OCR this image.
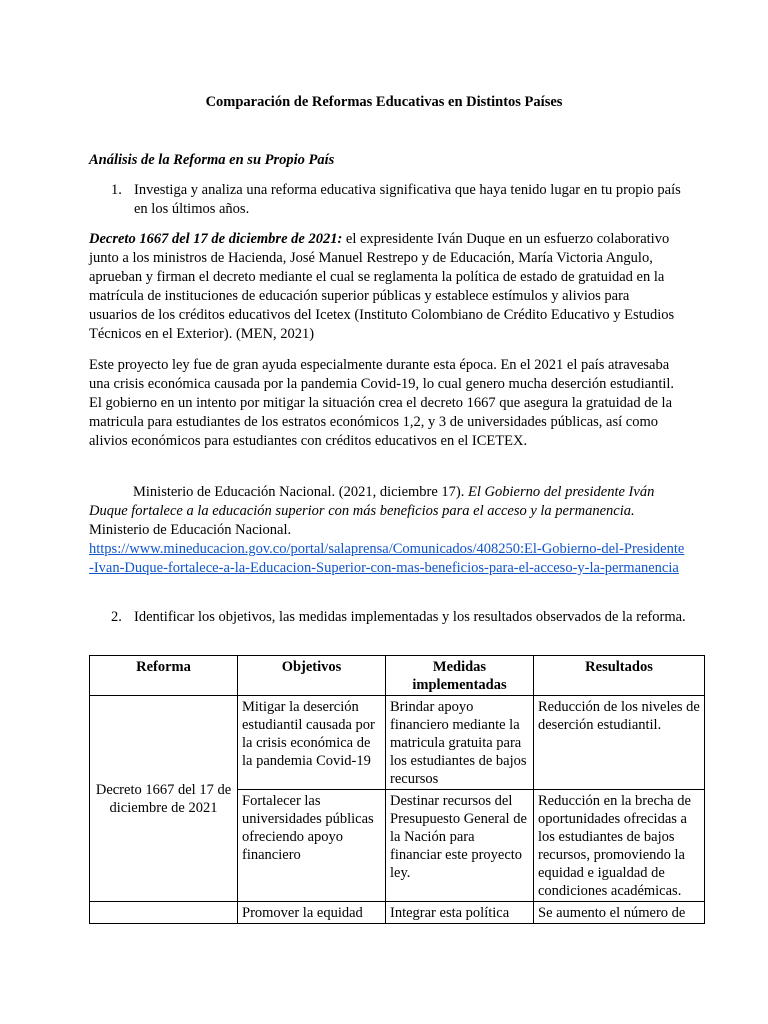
Comparación de Reformas Educativas en Distintos Países
Análisis de la Reforma en su Propio País
1. Investiga y analiza una reforma educativa significativa que haya tenido lugar en tu propio país en los últimos años.
Decreto 1667 del 17 de diciembre de 2021: el expresidente Iván Duque en un esfuerzo colaborativo junto a los ministros de Hacienda, José Manuel Restrepo y de Educación, María Victoria Angulo, aprueban y firman el decreto mediante el cual se reglamenta la política de estado de gratuidad en la matrícula de instituciones de educación superior públicas y establece estímulos y alivios para usuarios de los créditos educativos del Icetex (Instituto Colombiano de Crédito Educativo y Estudios Técnicos en el Exterior). (MEN, 2021)
Este proyecto ley fue de gran ayuda especialmente durante esta época. En el 2021 el país atravesaba una crisis económica causada por la pandemia Covid-19, lo cual genero mucha deserción estudiantil. El gobierno en un intento por mitigar la situación crea el decreto 1667 que asegura la gratuidad de la matricula para estudiantes de los estratos económicos 1,2, y 3 de universidades públicas, así como alivios económicos para estudiantes con créditos educativos en el ICETEX.
Ministerio de Educación Nacional. (2021, diciembre 17). El Gobierno del presidente Iván Duque fortalece a la educación superior con más beneficios para el acceso y la permanencia. Ministerio de Educación Nacional.
https://www.mineducacion.gov.co/portal/salaprensa/Comunicados/408250:El-Gobierno-del-Presidente-Ivan-Duque-fortalece-a-la-Educacion-Superior-con-mas-beneficios-para-el-acceso-y-la-permanencia
2. Identificar los objetivos, las medidas implementadas y los resultados observados de la reforma.
Reforma	Objetivos	Medidas implementadas	Resultados
Decreto 1667 del 17 de diciembre de 2021	Mitigar la deserción estudiantil causada por la crisis económica de la pandemia Covid-19	Brindar apoyo financiero mediante la matricula gratuita para los estudiantes de bajos recursos	Reducción de los niveles de deserción estudiantil.
	Fortalecer las universidades públicas ofreciendo apoyo financiero	Destinar recursos del Presupuesto General de la Nación para financiar este proyecto ley.	Reducción en la brecha de oportunidades ofrecidas a los estudiantes de bajos recursos, promoviendo la equidad e igualdad de condiciones académicas.
	Promover la equidad	Integrar esta política	Se aumento el número de
